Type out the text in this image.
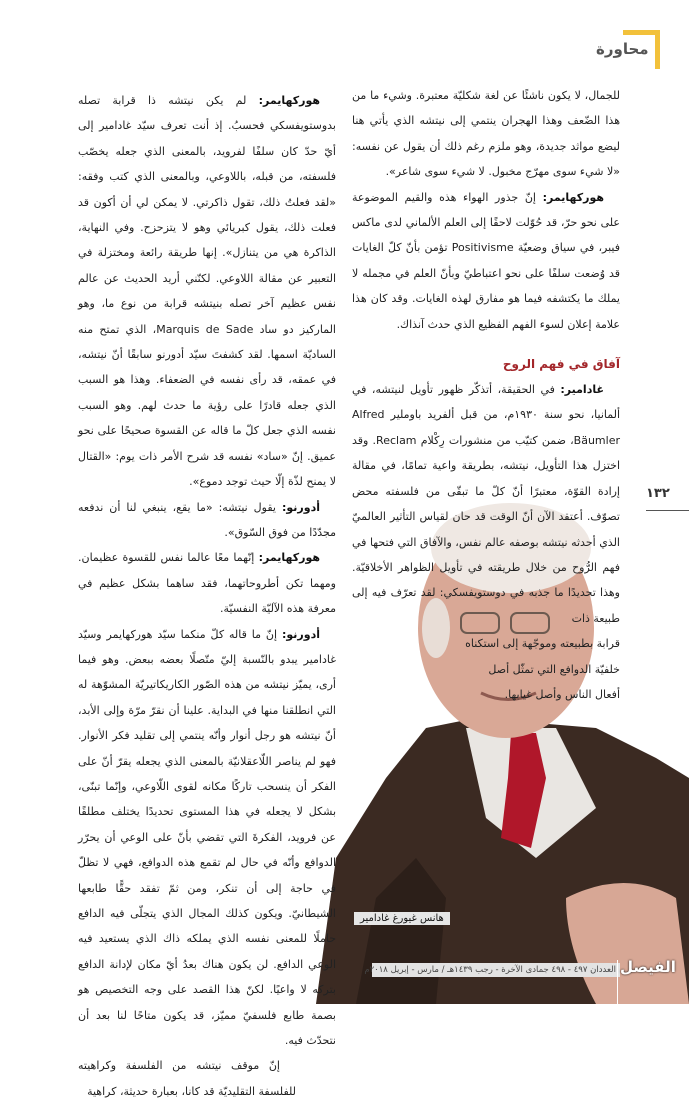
محاورة

للجمال، لا يكون ناشئًا عن لغة شكليّة معتبرة. وشيء ما من هذا الضّعف وهذا الهجران ينتمي إلى نيتشه الذي يأتي هنا ليضع مواثد جديدة، وهو ملزم رغم ذلك أن يقول عن نفسه: «لا شيء سوى مهرّج مخبول. لا شيء سوى شاعر».

هوركهايمر: إنّ جذور الهواء هذه والقيم الموضوعة على نحو حرّ، قد حُوّلت لاحقًا إلى العلم الألماني لدى ماكس فيبر، في سياق وضعيّة Positivisme تؤمن بأنّ كلّ الغايات قد وُضعت سلفًا على نحو اعتباطيّ وبأنّ العلم في مجمله لا يملك ما يكتشفه فيما هو مفارق لهذه الغايات. وقد كان هذا علامة إعلان لسوء الفهم الفظيع الذي حدث آنذاك.

آفاق في فهم الروح

غادامير: في الحقيقة، أتذكّر ظهور تأويل لنيتشه، في ألمانيا، نحو سنة ١٩٣٠م، من قبل ألفريد باوملير Alfred Bäumler، ضمن كتيّب من منشورات رِكْلام Reclam. وقد اختزل هذا التأويل، نيتشه، بطريقة واعية تمامًا، في مقالة إرادة القوّة، معتبرًا أنّ كلّ ما تبقّى من فلسفته محض تصوّف. أعتقد الآن أنّ الوقت قد حان لقياس التأثير العالميّ الذي أحدثه نيتشه بوصفه عالم نفس، والآفاق التي فتحها في فهم الرُّوح من خلال طريقته في تأويل الظواهر الأخلاقيّة. وهذا تحديدًا ما جذبه في دوستويفسكي: لقد تعرّف فيه إلى طبيعة ذات

قرابة بطبيعته وموجّهة إلى استكناه
خلفيّة الدوافع التي تمثّل أصل
أفعال الناس وأصل غيابها.

هوركهايمر: لم يكن نيتشه ذا قرابة تصله بدوستويفسكي فحسبُ. إذ أنت تعرف سيّد غادامير إلى أيّ حدّ كان سلفًا لفرويد، بالمعنى الذي جعله يخصّب فلسفته، من قبله، باللاوعي، وبالمعنى الذي كتب وفقه: «لقد فعلتُ ذلك، تقول ذاكرتي. لا يمكن لي أن أكون قد فعلت ذلك، يقول كبريائي وهو لا يتزحزح. وفي النهاية، الذاكرة هي من يتنازل». إنها طريقة رائعة ومختزلة في التعبير عن مقالة اللاوعي. لكنّني أريد الحديث عن عالم نفس عظيم آخر تصله بنيتشه قرابة من نوع ما، وهو الماركيز دو ساد Marquis de Sade، الذي تمتح منه الساديّة اسمها. لقد كشفتَ سيّد أدورنو سابقًا أنّ نيتشه، في عمقه، قد رأى نفسه في الضعفاء. وهذا هو السبب الذي جعله قادرًا على رؤية ما حدث لهم. وهو السبب نفسه الذي جعل كلّ ما قاله عن القسوة صحيحًا على نحو عميق. إنّ «ساد» نفسه قد شرح الأمر ذات يوم: «القتال لا يمنح لذّة إلّا حيث توجد دموع».

أدورنو: يقول نيتشه: «ما يقع، ينبغي لنا أن ندفعه مجدّدًا من فوق السّوق».

هوركهايمر: إنّهما معًا عالما نفس للقسوة عظيمان. ومهما تكن أطروحاتهما، فقد ساهما بشكل عظيم في معرفة هذه الآليّة النفسيّة.

أدورنو: إنّ ما قاله كلّ منكما سيّد هوركهايمر وسيّد غادامير يبدو بالنّسبة إليّ متّصلًا بعضه ببعض. وهو فيما أرى، يميّز نيتشه من هذه الصّور الكاريكاتيريّة المشوّهة له التي انطلقنا منها في البداية. علينا أن نقرّ مرّة وإلى الأبد، أنّ نيتشه هو رجل أنوار وأنّه ينتمي إلى تقليد فكر الأنوار. فهو لم يناصر اللّاعقلانيّة بالمعنى الذي يجعله يقرّ أنّ على الفكر أن ينسحب تاركًا مكانه لقوى اللّاوعي، وإنّما تبنّى، بشكل لا يجعله في هذا المستوى تحديدًا يختلف مطلقًا عن فرويد، الفكرةَ التي تقضي بأنّ على الوعي أن يحرّر الدوافع وأنّه في حال لم تقمع هذه الدوافع، فهي لا تظلّ في حاجة إلى أن تنكر، ومن ثمّ تفقد حقًّا طابعها الشيطانيّ. ويكون كذلك المجال الذي يتجلّى فيه الدافع حاملًا للمعنى نفسه الذي يملكه ذاك الذي يستعيد فيه الوعي الدافع. لن يكون هناك بعدُ أيّ مكان لإدانة الدافع بتركه لا واعيًا. لكنّ هذا القصد على وجه التخصيص هو بصمة طابع فلسفيّ مميّز، قد يكون متاحًا لنا بعد أن نتحدّث فيه.

إنّ موقف نيتشه من الفلسفة وكراهيته للفلسفة التقليديّة قد كانا، بعبارة حديثة، كراهية

١٣٢
هانس غيورغ غادامير
العددان ٤٩٧ - ٤٩٨ جمادى الآخرة - رجب ١٤٣٩هـ / مارس - إبريل ٢٠١٨م الفيصل
